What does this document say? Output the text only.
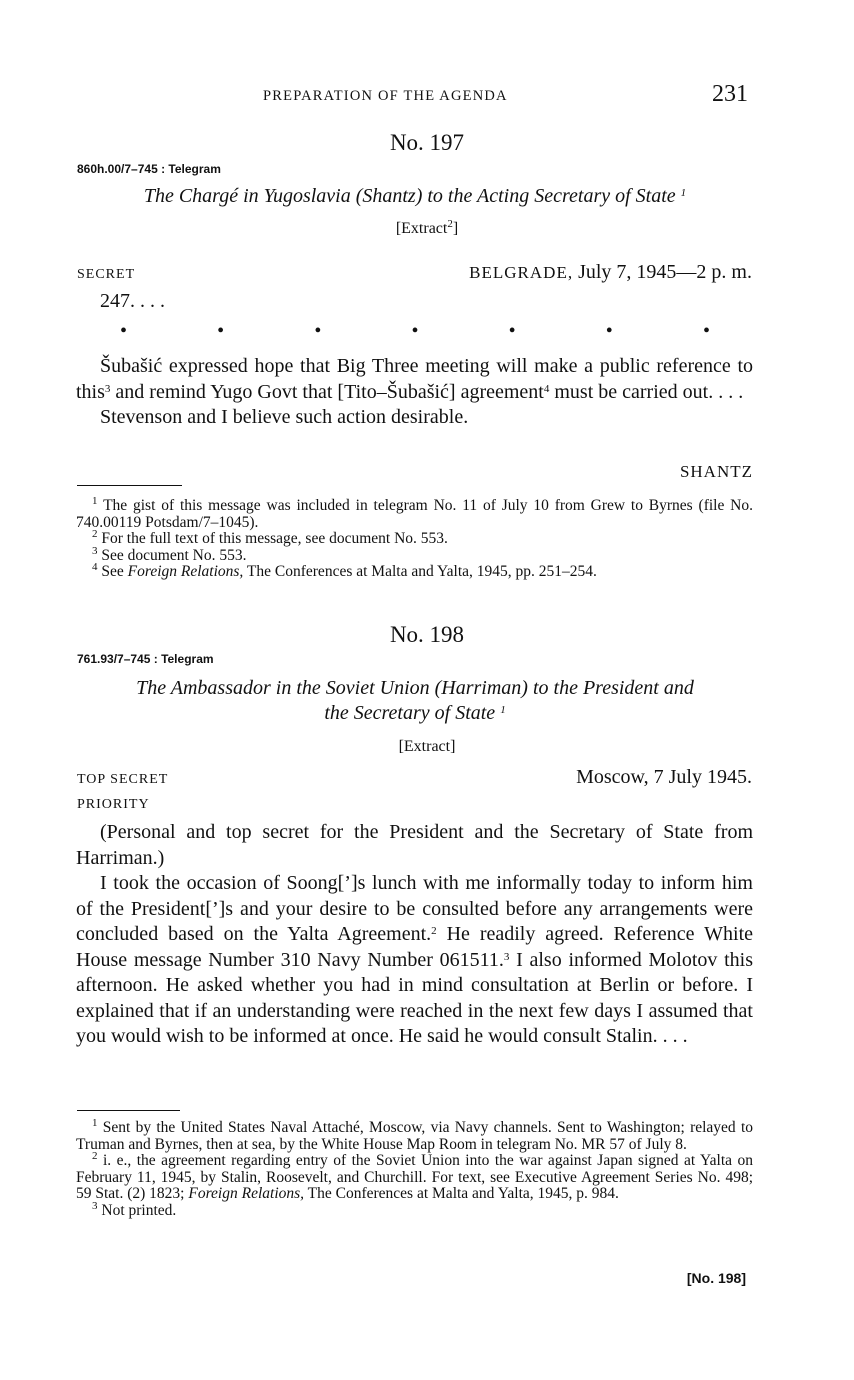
PREPARATION OF THE AGENDA	231
No. 197
860h.00/7–745 : Telegram
The Chargé in Yugoslavia (Shantz) to the Acting Secretary of State $^1$
[Extract$^2$]
SECRET	BELGRADE, July 7, 1945—2 p. m.
247. . . .
•	•	•	•	•	•	•

Šubašić expressed hope that Big Three meeting will make a public reference to this$^3$ and remind Yugo Govt that [Tito–Šubašić] agreement$^4$ must be carried out. . . .

Stevenson and I believe such action desirable.

SHANTZ

$^1$ The gist of this message was included in telegram No. 11 of July 10 from Grew to Byrnes (file No. 740.00119 Potsdam/7–1045).

$^2$ For the full text of this message, see document No. 553.

$^3$ See document No. 553.

$^4$ See Foreign Relations, The Conferences at Malta and Yalta, 1945, pp. 251–254.

No. 198
761.93/7–745 : Telegram
The Ambassador in the Soviet Union (Harriman) to the President and
the Secretary of State $^1$
[Extract]
TOP SECRET
PRIORITY
Moscow, 7 July 1945.

(Personal and top secret for the President and the Secretary of State from Harriman.)

I took the occasion of Soong[’]s lunch with me informally today to inform him of the President[’]s and your desire to be consulted before any arrangements were concluded based on the Yalta Agreement.$^2$ He readily agreed. Reference White House message Number 310 Navy Number 061511.$^3$ I also informed Molotov this afternoon. He asked whether you had in mind consultation at Berlin or before. I explained that if an understanding were reached in the next few days I assumed that you would wish to be informed at once. He said he would consult Stalin. . . .

$^1$ Sent by the United States Naval Attaché, Moscow, via Navy channels. Sent to Washington; relayed to Truman and Byrnes, then at sea, by the White House Map Room in telegram No. MR 57 of July 8.

$^2$ i. e., the agreement regarding entry of the Soviet Union into the war against Japan signed at Yalta on February 11, 1945, by Stalin, Roosevelt, and Churchill. For text, see Executive Agreement Series No. 498; 59 Stat. (2) 1823; Foreign Relations, The Conferences at Malta and Yalta, 1945, p. 984.

$^3$ Not printed.

[No. 198]
